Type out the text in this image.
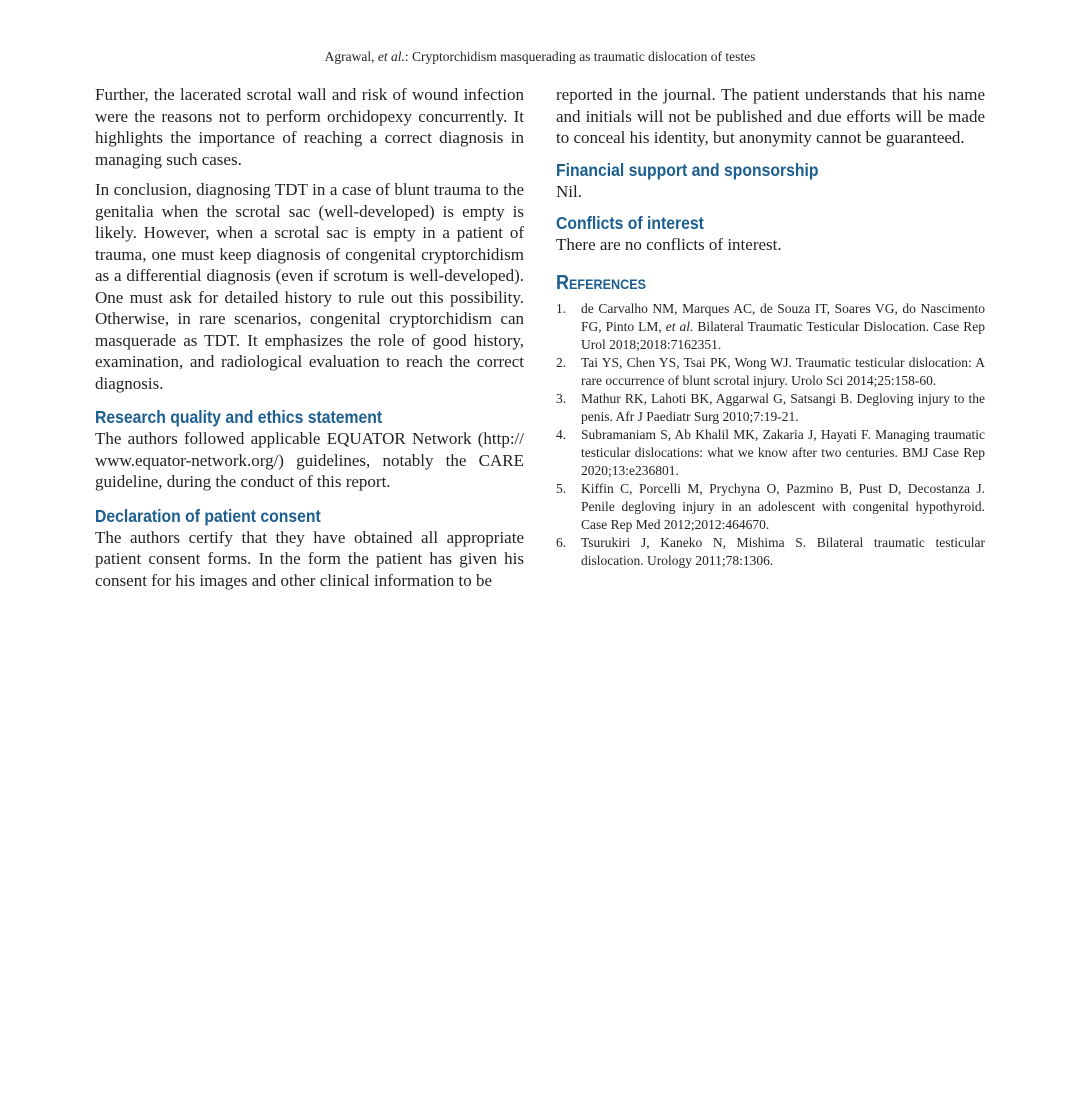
Agrawal, et al.: Cryptorchidism masquerading as traumatic dislocation of testes

Further, the lacerated scrotal wall and risk of wound infection were the reasons not to perform orchidopexy concurrently. It highlights the importance of reaching a correct diagnosis in managing such cases.

In conclusion, diagnosing TDT in a case of blunt trauma to the genitalia when the scrotal sac (well-developed) is empty is likely. However, when a scrotal sac is empty in a patient of trauma, one must keep diagnosis of congenital cryptorchidism as a differential diagnosis (even if scrotum is well-developed). One must ask for detailed history to rule out this possibility. Otherwise, in rare scenarios, congenital cryptorchidism can masquerade as TDT. It emphasizes the role of good history, examination, and radiological evaluation to reach the correct diagnosis.

Research quality and ethics statement

The authors followed applicable EQUATOR Network (http:// www.equator-network.org/) guidelines, notably the CARE guideline, during the conduct of this report.

Declaration of patient consent

The authors certify that they have obtained all appropriate patient consent forms. In the form the patient has given his consent for his images and other clinical information to be

reported in the journal. The patient understands that his name and initials will not be published and due efforts will be made to conceal his identity, but anonymity cannot be guaranteed.

Financial support and sponsorship

Nil.

Conflicts of interest

There are no conflicts of interest.

References
1. de Carvalho NM, Marques AC, de Souza IT, Soares VG, do Nascimento FG, Pinto LM, et al. Bilateral Traumatic Testicular Dislocation. Case Rep Urol 2018;2018:7162351.
2. Tai YS, Chen YS, Tsai PK, Wong WJ. Traumatic testicular dislocation: A rare occurrence of blunt scrotal injury. Urolo Sci 2014;25:158-60.
3. Mathur RK, Lahoti BK, Aggarwal G, Satsangi B. Degloving injury to the penis. Afr J Paediatr Surg 2010;7:19-21.
4. Subramaniam S, Ab Khalil MK, Zakaria J, Hayati F. Managing traumatic testicular dislocations: what we know after two centuries. BMJ Case Rep 2020;13:e236801.
5. Kiffin C, Porcelli M, Prychyna O, Pazmino B, Pust D, Decostanza J. Penile degloving injury in an adolescent with congenital hypothyroid. Case Rep Med 2012;2012:464670.
6. Tsurukiri J, Kaneko N, Mishima S. Bilateral traumatic testicular dislocation. Urology 2011;78:1306.
